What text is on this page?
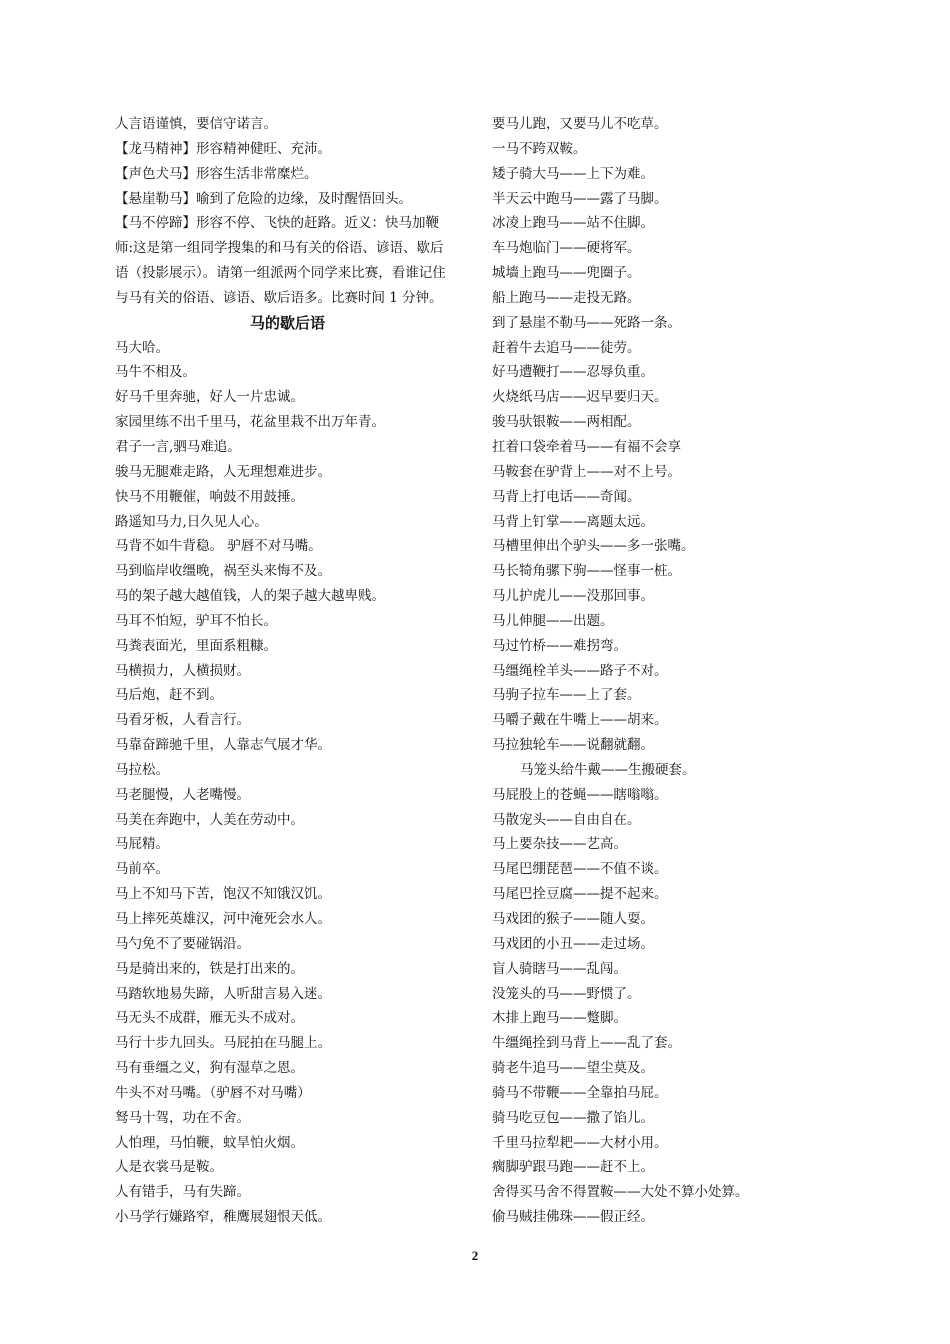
人言语谨慎，要信守诺言。
【龙马精神】形容精神健旺、充沛。
【声色犬马】形容生活非常糜烂。
【悬崖勒马】喻到了危险的边缘，及时醒悟回头。
【马不停蹄】形容不停、飞快的赶路。近义：快马加鞭
师:这是第一组同学搜集的和马有关的俗语、谚语、歇后
语（投影展示）。请第一组派两个同学来比赛，看谁记住
与马有关的俗语、谚语、歇后语多。比赛时间 1 分钟。
马的歇后语
马大哈。
马牛不相及。
好马千里奔驰，好人一片忠诚。
家园里练不出千里马，花盆里栽不出万年青。
君子一言,驷马难追。
骏马无腿难走路，人无理想难进步。
快马不用鞭催，响鼓不用鼓捶。
路遥知马力,日久见人心。
马背不如牛背稳。 驴唇不对马嘴。
马到临岸收缰晚，祸至头来悔不及。
马的架子越大越值钱，人的架子越大越卑贱。
马耳不怕短，驴耳不怕长。
马粪表面光，里面系粗糠。
马横损力，人横损财。
马后炮，赶不到。
马看牙板，人看言行。
马靠奋蹄驰千里，人靠志气展才华。
马拉松。
马老腿慢，人老嘴慢。
马美在奔跑中，人美在劳动中。
马屁精。
马前卒。
马上不知马下苦，饱汉不知饿汉饥。
马上摔死英雄汉，河中淹死会水人。
马勺免不了要碰锅沿。
马是骑出来的，铁是打出来的。
马踏软地易失蹄，人听甜言易入迷。
马无头不成群，雁无头不成对。
马行十步九回头。马屁拍在马腿上。
马有垂缰之义，狗有湿草之恩。
牛头不对马嘴。（驴唇不对马嘴）
驽马十驾，功在不舍。
人怕理，马怕鞭，蚊旱怕火烟。
人是衣裳马是鞍。
人有错手，马有失蹄。
小马学行嫌路窄，稚鹰展翅恨天低。
要马儿跑，又要马儿不吃草。
一马不跨双鞍。
矮子骑大马——上下为难。
半天云中跑马——露了马脚。
冰凌上跑马——站不住脚。
车马炮临门——硬将军。
城墙上跑马——兜圈子。
船上跑马——走投无路。
到了悬崖不勒马——死路一条。
赶着牛去追马——徒劳。
好马遭鞭打——忍辱负重。
火烧纸马店——迟早要归天。
骏马驮银鞍——两相配。
扛着口袋牵着马——有福不会享
马鞍套在驴背上——对不上号。
马背上打电话——奇闻。
马背上钉掌——离题太远。
马槽里伸出个驴头——多一张嘴。
马长犄角骡下驹——怪事一桩。
马儿护虎儿——没那回事。
马儿伸腿——出题。
马过竹桥——难拐弯。
马缰绳栓羊头——路子不对。
马驹子拉车——上了套。
马嚼子戴在牛嘴上——胡来。
马拉独轮车——说翻就翻。
马笼头给牛戴——生搬硬套。
马屁股上的苍蝇——瞎嗡嗡。
马散宠头——自由自在。
马上要杂技——艺高。
马尾巴绷琵琶——不值不谈。
马尾巴拴豆腐——提不起来。
马戏团的猴子——随人耍。
马戏团的小丑——走过场。
盲人骑瞎马——乱闯。
没笼头的马——野惯了。
木排上跑马——蹩脚。
牛缰绳拴到马背上——乱了套。
骑老牛追马——望尘莫及。
骑马不带鞭——全靠拍马屁。
骑马吃豆包——撒了馅儿。
千里马拉犁耙——大材小用。
瘸脚驴跟马跑——赶不上。
舍得买马舍不得置鞍——大处不算小处算。
偷马贼挂佛珠——假正经。
2
